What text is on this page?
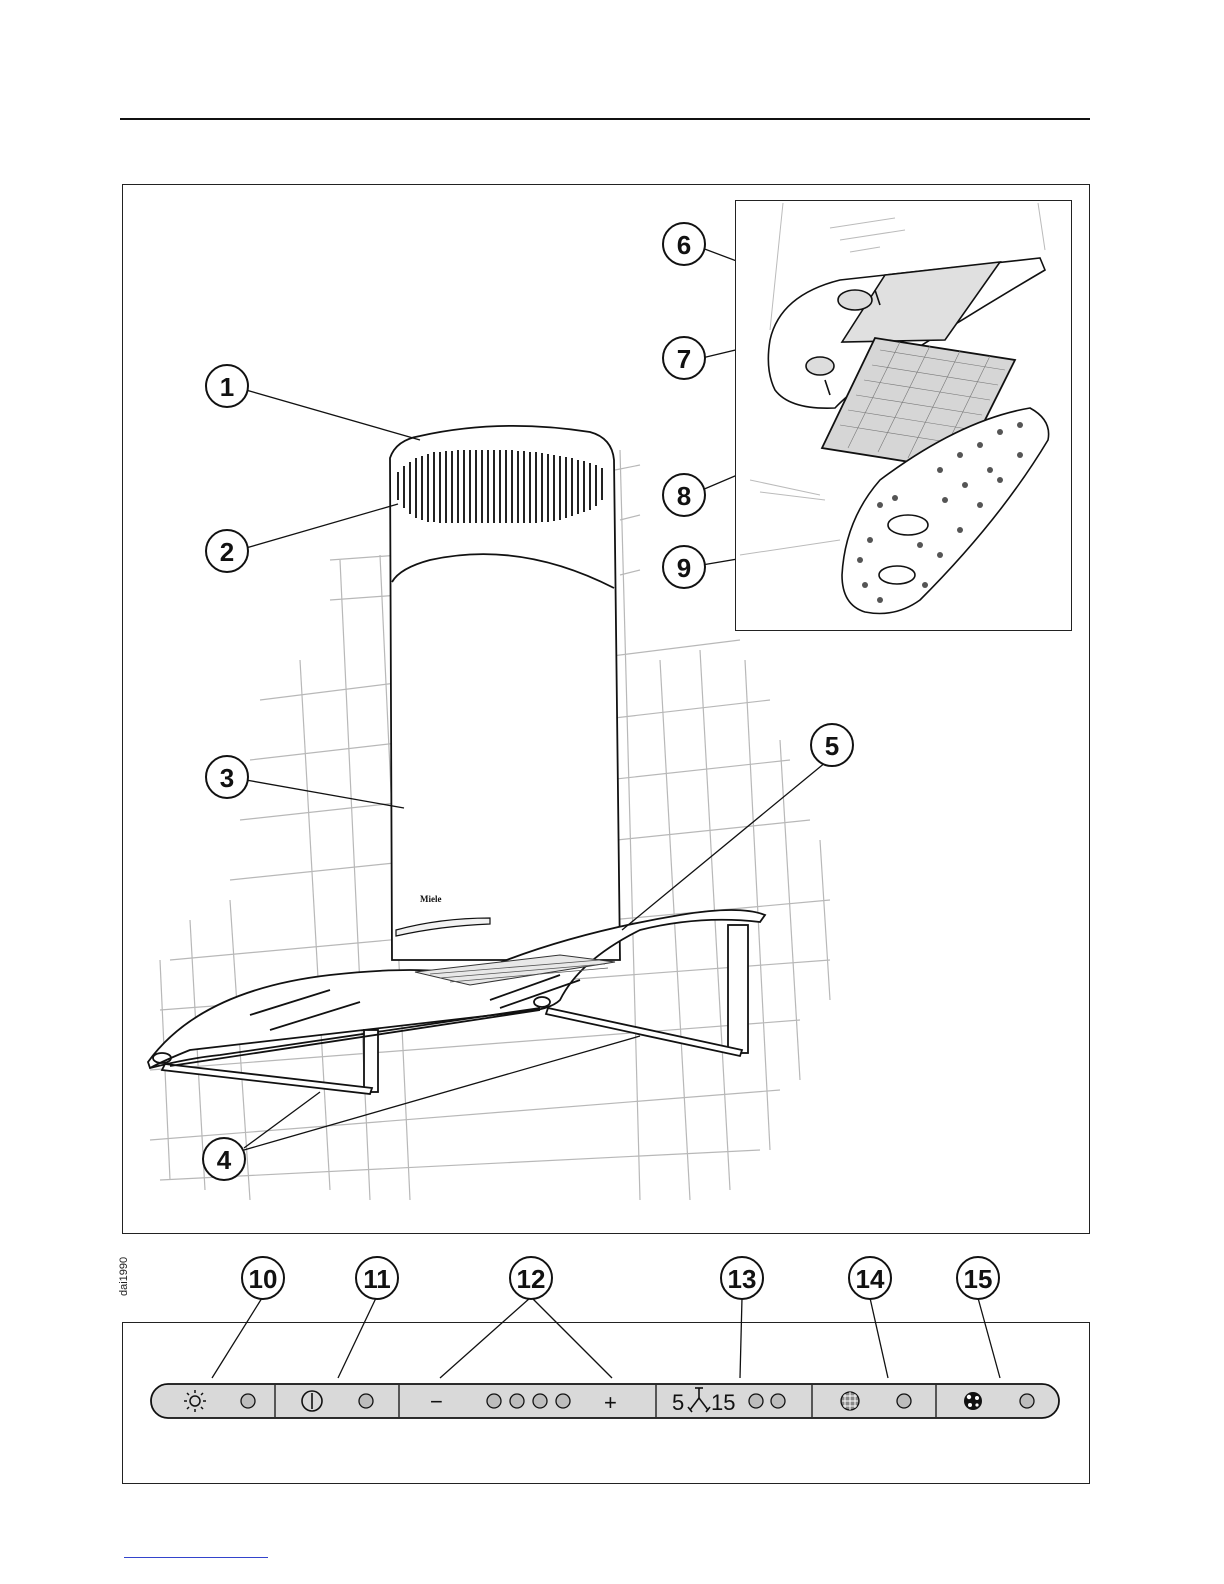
Miele
1
2
3
4
5
6
7
8
9
dai1990	10	11	12	13	14	15
−	+	5 15
